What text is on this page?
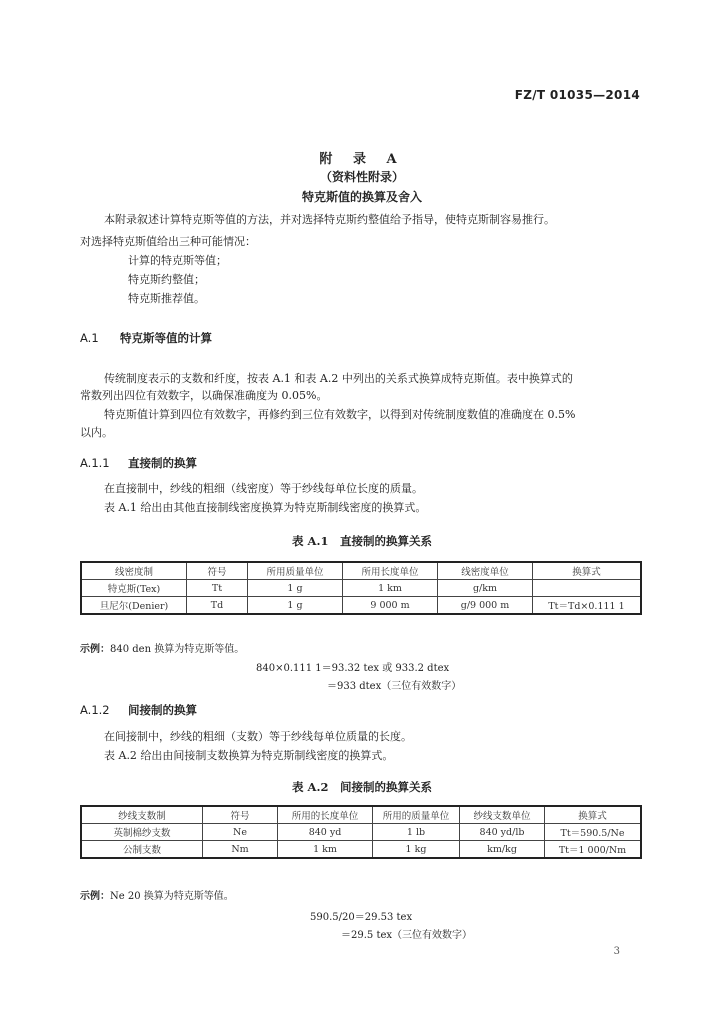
FZ/T 01035—2014
附 录 A
（资料性附录）
特克斯值的换算及舍入
本附录叙述计算特克斯等值的方法，并对选择特克斯约整值给予指导，使特克斯制容易推行。
对选择特克斯值给出三种可能情况：
计算的特克斯等值；
特克斯约整值；
特克斯推荐值。
A.1 特克斯等值的计算
传统制度表示的支数和纤度，按表 A.1 和表 A.2 中列出的关系式换算成特克斯值。表中换算式的
常数列出四位有效数字，以确保准确度为 0.05%。
特克斯值计算到四位有效数字，再修约到三位有效数字，以得到对传统制度数值的准确度在 0.5%
以内。
A.1.1 直接制的换算
在直接制中，纱线的粗细（线密度）等于纱线每单位长度的质量。
表 A.1 给出由其他直接制线密度换算为特克斯制线密度的换算式。
表 A.1　直接制的换算关系
线密度制	符号	所用质量单位	所用长度单位	线密度单位	换算式
特克斯(Tex)	Tt	1 g	1 km	g/km	
旦尼尔(Denier)	Td	1 g	9 000 m	g/9 000 m	Tt＝Td×0.111 1
示例：840 den 换算为特克斯等值。
840×0.111 1＝93.32 tex 或 933.2 dtex
＝933 dtex（三位有效数字）
A.1.2 间接制的换算
在间接制中，纱线的粗细（支数）等于纱线每单位质量的长度。
表 A.2 给出由间接制支数换算为特克斯制线密度的换算式。
表 A.2　间接制的换算关系
纱线支数制	符号	所用的长度单位	所用的质量单位	纱线支数单位	换算式
英制棉纱支数	Ne	840 yd	1 lb	840 yd/lb	Tt＝590.5/Ne
公制支数	Nm	1 km	1 kg	km/kg	Tt＝1 000/Nm
示例：Ne 20 换算为特克斯等值。
590.5/20＝29.53 tex
＝29.5 tex（三位有效数字）
3
